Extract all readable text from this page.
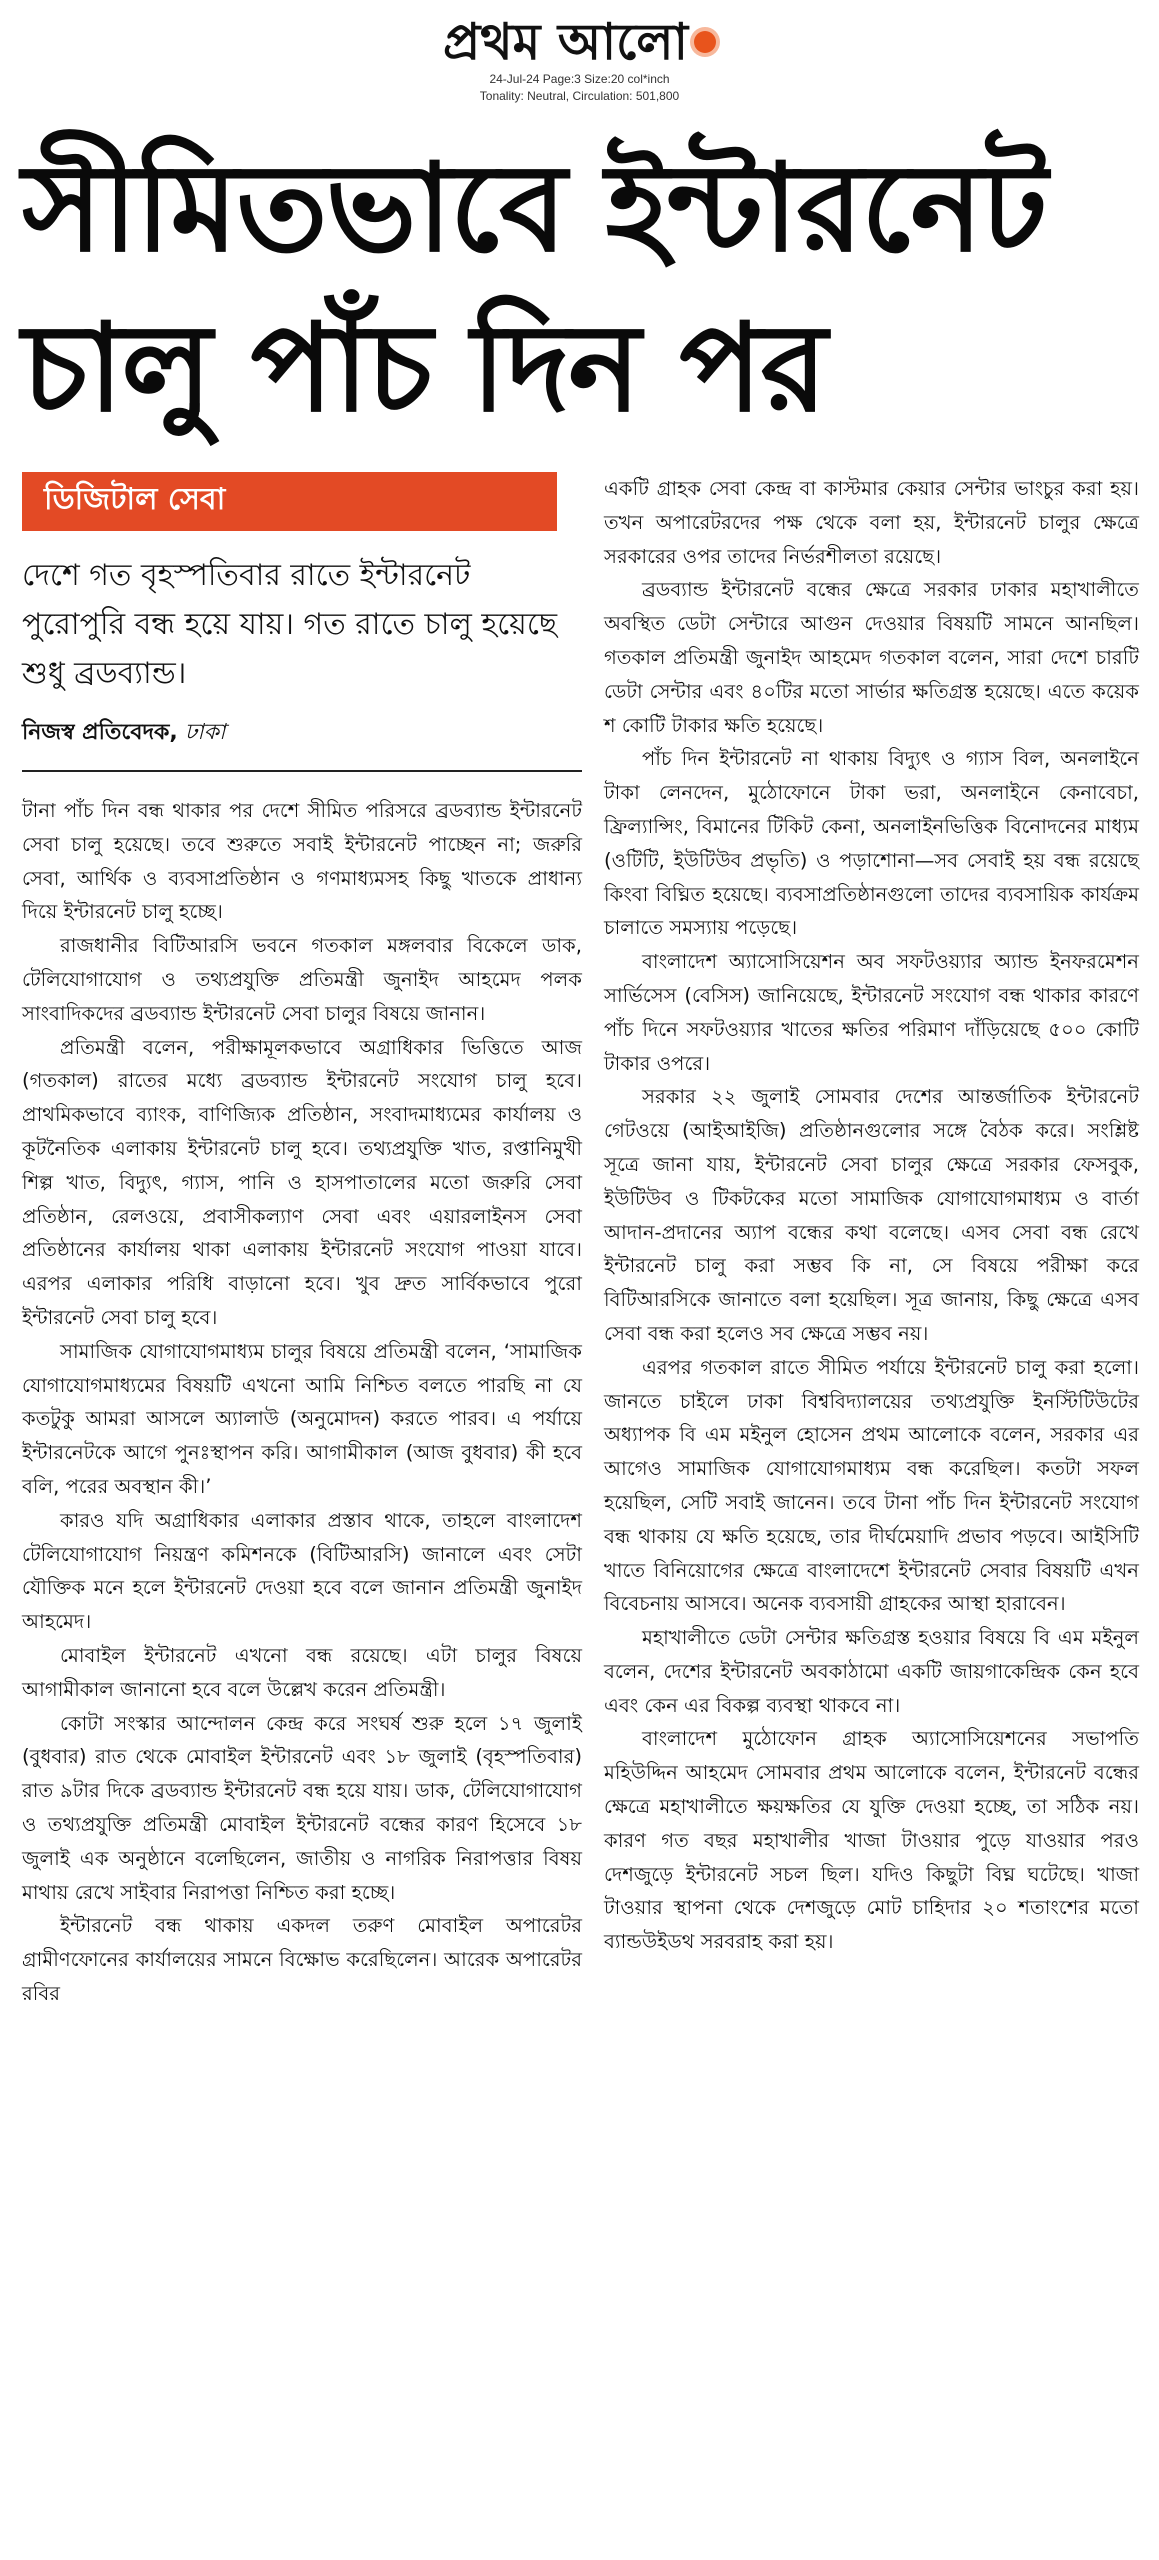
প্রথম আলো
24-Jul-24 Page:3 Size:20 col*inch
Tonality: Neutral, Circulation: 501,800
সীমিতভাবে ইন্টারনেট চালু পাঁচ দিন পর
ডিজিটাল সেবা

দেশে গত বৃহস্পতিবার রাতে ইন্টারনেট পুরোপুরি বন্ধ হয়ে যায়। গত রাতে চালু হয়েছে শুধু ব্রডব্যান্ড।

নিজস্ব প্রতিবেদক, ঢাকা

টানা পাঁচ দিন বন্ধ থাকার পর দেশে সীমিত পরিসরে ব্রডব্যান্ড ইন্টারনেট সেবা চালু হয়েছে। তবে শুরুতে সবাই ইন্টারনেট পাচ্ছেন না; জরুরি সেবা, আর্থিক ও ব্যবসাপ্রতিষ্ঠান ও গণমাধ্যমসহ কিছু খাতকে প্রাধান্য দিয়ে ইন্টারনেট চালু হচ্ছে।

রাজধানীর বিটিআরসি ভবনে গতকাল মঙ্গলবার বিকেলে ডাক, টেলিযোগাযোগ ও তথ্যপ্রযুক্তি প্রতিমন্ত্রী জুনাইদ আহমেদ পলক সাংবাদিকদের ব্রডব্যান্ড ইন্টারনেট সেবা চালুর বিষয়ে জানান।

প্রতিমন্ত্রী বলেন, পরীক্ষামূলকভাবে অগ্রাধিকার ভিত্তিতে আজ (গতকাল) রাতের মধ্যে ব্রডব্যান্ড ইন্টারনেট সংযোগ চালু হবে। প্রাথমিকভাবে ব্যাংক, বাণিজ্যিক প্রতিষ্ঠান, সংবাদমাধ্যমের কার্যালয় ও কূটনৈতিক এলাকায় ইন্টারনেট চালু হবে। তথ্যপ্রযুক্তি খাত, রপ্তানিমুখী শিল্প খাত, বিদ্যুৎ, গ্যাস, পানি ও হাসপাতালের মতো জরুরি সেবা প্রতিষ্ঠান, রেলওয়ে, প্রবাসীকল্যাণ সেবা এবং এয়ারলাইনস সেবা প্রতিষ্ঠানের কার্যালয় থাকা এলাকায় ইন্টারনেট সংযোগ পাওয়া যাবে। এরপর এলাকার পরিধি বাড়ানো হবে। খুব দ্রুত সার্বিকভাবে পুরো ইন্টারনেট সেবা চালু হবে।

সামাজিক যোগাযোগমাধ্যম চালুর বিষয়ে প্রতিমন্ত্রী বলেন, ‘সামাজিক যোগাযোগমাধ্যমের বিষয়টি এখনো আমি নিশ্চিত বলতে পারছি না যে কতটুকু আমরা আসলে অ্যালাউ (অনুমোদন) করতে পারব। এ পর্যায়ে ইন্টারনেটকে আগে পুনঃস্থাপন করি। আগামীকাল (আজ বুধবার) কী হবে বলি, পরের অবস্থান কী।’

কারও যদি অগ্রাধিকার এলাকার প্রস্তাব থাকে, তাহলে বাংলাদেশ টেলিযোগাযোগ নিয়ন্ত্রণ কমিশনকে (বিটিআরসি) জানালে এবং সেটা যৌক্তিক মনে হলে ইন্টারনেট দেওয়া হবে বলে জানান প্রতিমন্ত্রী জুনাইদ আহমেদ।

মোবাইল ইন্টারনেট এখনো বন্ধ রয়েছে। এটা চালুর বিষয়ে আগামীকাল জানানো হবে বলে উল্লেখ করেন প্রতিমন্ত্রী।

কোটা সংস্কার আন্দোলন কেন্দ্র করে সংঘর্ষ শুরু হলে ১৭ জুলাই (বুধবার) রাত থেকে মোবাইল ইন্টারনেট এবং ১৮ জুলাই (বৃহস্পতিবার) রাত ৯টার দিকে ব্রডব্যান্ড ইন্টারনেট বন্ধ হয়ে যায়। ডাক, টেলিযোগাযোগ ও তথ্যপ্রযুক্তি প্রতিমন্ত্রী মোবাইল ইন্টারনেট বন্ধের কারণ হিসেবে ১৮ জুলাই এক অনুষ্ঠানে বলেছিলেন, জাতীয় ও নাগরিক নিরাপত্তার বিষয় মাথায় রেখে সাইবার নিরাপত্তা নিশ্চিত করা হচ্ছে।

ইন্টারনেট বন্ধ থাকায় একদল তরুণ মোবাইল অপারেটর গ্রামীণফোনের কার্যালয়ের সামনে বিক্ষোভ করেছিলেন। আরেক অপারেটর রবির

একটি গ্রাহক সেবা কেন্দ্র বা কাস্টমার কেয়ার সেন্টার ভাংচুর করা হয়। তখন অপারেটরদের পক্ষ থেকে বলা হয়, ইন্টারনেট চালুর ক্ষেত্রে সরকারের ওপর তাদের নির্ভরশীলতা রয়েছে।

ব্রডব্যান্ড ইন্টারনেট বন্ধের ক্ষেত্রে সরকার ঢাকার মহাখালীতে অবস্থিত ডেটা সেন্টারে আগুন দেওয়ার বিষয়টি সামনে আনছিল। গতকাল প্রতিমন্ত্রী জুনাইদ আহমেদ গতকাল বলেন, সারা দেশে চারটি ডেটা সেন্টার এবং ৪০টির মতো সার্ভার ক্ষতিগ্রস্ত হয়েছে। এতে কয়েক শ কোটি টাকার ক্ষতি হয়েছে।

পাঁচ দিন ইন্টারনেট না থাকায় বিদ্যুৎ ও গ্যাস বিল, অনলাইনে টাকা লেনদেন, মুঠোফোনে টাকা ভরা, অনলাইনে কেনাবেচা, ফ্রিল্যান্সিং, বিমানের টিকিট কেনা, অনলাইনভিত্তিক বিনোদনের মাধ্যম (ওটিটি, ইউটিউব প্রভৃতি) ও পড়াশোনা—সব সেবাই হয় বন্ধ রয়েছে কিংবা বিঘ্নিত হয়েছে। ব্যবসাপ্রতিষ্ঠানগুলো তাদের ব্যবসায়িক কার্যক্রম চালাতে সমস্যায় পড়েছে।

বাংলাদেশ অ্যাসোসিয়েশন অব সফটওয়্যার অ্যান্ড ইনফরমেশন সার্ভিসেস (বেসিস) জানিয়েছে, ইন্টারনেট সংযোগ বন্ধ থাকার কারণে পাঁচ দিনে সফটওয়্যার খাতের ক্ষতির পরিমাণ দাঁড়িয়েছে ৫০০ কোটি টাকার ওপরে।

সরকার ২২ জুলাই সোমবার দেশের আন্তর্জাতিক ইন্টারনেট গেটওয়ে (আইআইজি) প্রতিষ্ঠানগুলোর সঙ্গে বৈঠক করে। সংশ্লিষ্ট সূত্রে জানা যায়, ইন্টারনেট সেবা চালুর ক্ষেত্রে সরকার ফেসবুক, ইউটিউব ও টিকটকের মতো সামাজিক যোগাযোগমাধ্যম ও বার্তা আদান-প্রদানের অ্যাপ বন্ধের কথা বলেছে। এসব সেবা বন্ধ রেখে ইন্টারনেট চালু করা সম্ভব কি না, সে বিষয়ে পরীক্ষা করে বিটিআরসিকে জানাতে বলা হয়েছিল। সূত্র জানায়, কিছু ক্ষেত্রে এসব সেবা বন্ধ করা হলেও সব ক্ষেত্রে সম্ভব নয়।

এরপর গতকাল রাতে সীমিত পর্যায়ে ইন্টারনেট চালু করা হলো। জানতে চাইলে ঢাকা বিশ্ববিদ্যালয়ের তথ্যপ্রযুক্তি ইনস্টিটিউটের অধ্যাপক বি এম মইনুল হোসেন প্রথম আলোকে বলেন, সরকার এর আগেও সামাজিক যোগাযোগমাধ্যম বন্ধ করেছিল। কতটা সফল হয়েছিল, সেটি সবাই জানেন। তবে টানা পাঁচ দিন ইন্টারনেট সংযোগ বন্ধ থাকায় যে ক্ষতি হয়েছে, তার দীর্ঘমেয়াদি প্রভাব পড়বে। আইসিটি খাতে বিনিয়োগের ক্ষেত্রে বাংলাদেশে ইন্টারনেট সেবার বিষয়টি এখন বিবেচনায় আসবে। অনেক ব্যবসায়ী গ্রাহকের আস্থা হারাবেন।

মহাখালীতে ডেটা সেন্টার ক্ষতিগ্রস্ত হওয়ার বিষয়ে বি এম মইনুল বলেন, দেশের ইন্টারনেট অবকাঠামো একটি জায়গাকেন্দ্রিক কেন হবে এবং কেন এর বিকল্প ব্যবস্থা থাকবে না।

বাংলাদেশ মুঠোফোন গ্রাহক অ্যাসোসিয়েশনের সভাপতি মহিউদ্দিন আহমেদ সোমবার প্রথম আলোকে বলেন, ইন্টারনেট বন্ধের ক্ষেত্রে মহাখালীতে ক্ষয়ক্ষতির যে যুক্তি দেওয়া হচ্ছে, তা সঠিক নয়। কারণ গত বছর মহাখালীর খাজা টাওয়ার পুড়ে যাওয়ার পরও দেশজুড়ে ইন্টারনেট সচল ছিল। যদিও কিছুটা বিঘ্ন ঘটেছে। খাজা টাওয়ার স্থাপনা থেকে দেশজুড়ে মোট চাহিদার ২০ শতাংশের মতো ব্যান্ডউইডথ সরবরাহ করা হয়।
